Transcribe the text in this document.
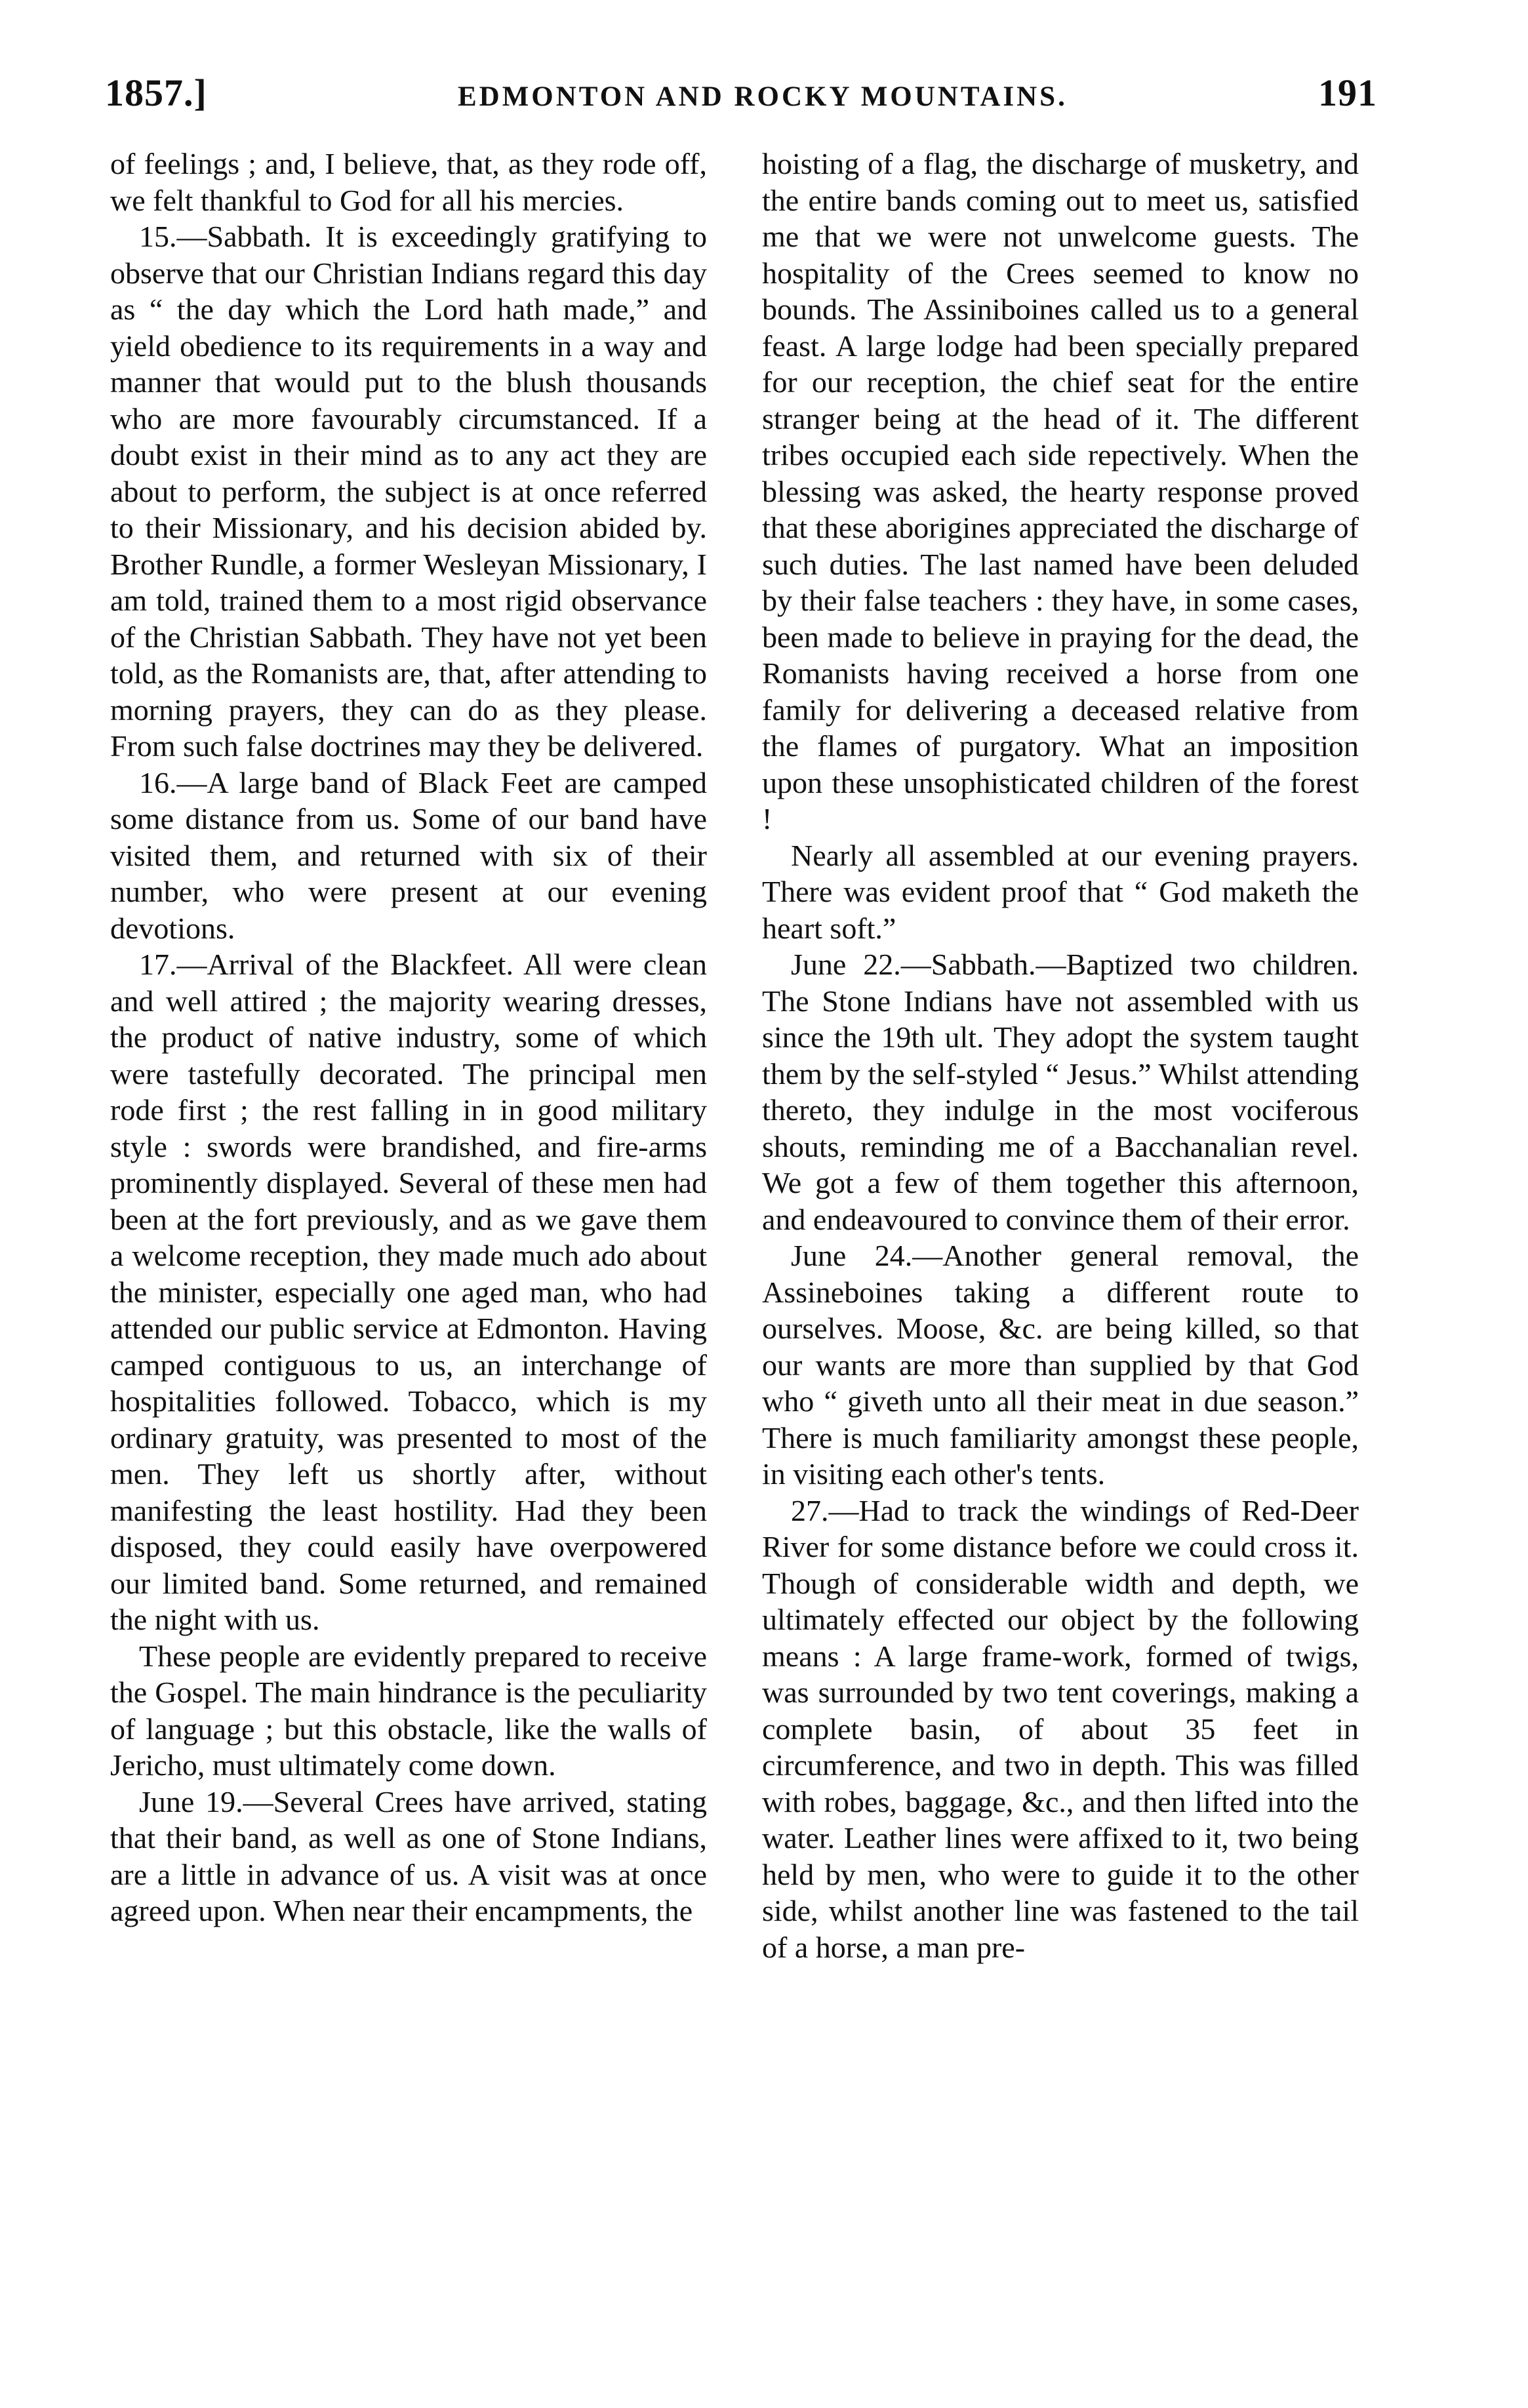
1857.]	EDMONTON AND ROCKY MOUNTAINS.	191

of feelings ; and, I believe, that, as they rode off, we felt thankful to God for all his mercies.

15.—Sabbath. It is exceedingly gratifying to observe that our Christian Indians regard this day as “ the day which the Lord hath made,” and yield obedience to its requirements in a way and manner that would put to the blush thousands who are more favourably circumstanced. If a doubt exist in their mind as to any act they are about to perform, the subject is at once referred to their Missionary, and his decision abided by. Brother Rundle, a former Wesleyan Missionary, I am told, trained them to a most rigid observance of the Christian Sabbath. They have not yet been told, as the Romanists are, that, after attending to morning prayers, they can do as they please. From such false doctrines may they be delivered.

16.—A large band of Black Feet are camped some distance from us. Some of our band have visited them, and returned with six of their number, who were present at our evening devotions.

17.—Arrival of the Blackfeet. All were clean and well attired ; the majority wearing dresses, the product of native industry, some of which were tastefully decorated. The principal men rode first ; the rest falling in in good military style : swords were brandished, and fire-arms prominently displayed. Several of these men had been at the fort previously, and as we gave them a welcome reception, they made much ado about the minister, especially one aged man, who had attended our public service at Edmonton. Having camped contiguous to us, an interchange of hospitalities followed. Tobacco, which is my ordinary gratuity, was presented to most of the men. They left us shortly after, without manifesting the least hostility. Had they been disposed, they could easily have overpowered our limited band. Some returned, and remained the night with us.

These people are evidently prepared to receive the Gospel. The main hindrance is the peculiarity of language ; but this obstacle, like the walls of Jericho, must ultimately come down.

June 19.—Several Crees have arrived, stating that their band, as well as one of Stone Indians, are a little in advance of us. A visit was at once agreed upon. When near their encampments, the

hoisting of a flag, the discharge of musketry, and the entire bands coming out to meet us, satisfied me that we were not unwelcome guests. The hospitality of the Crees seemed to know no bounds. The Assiniboines called us to a general feast. A large lodge had been specially prepared for our reception, the chief seat for the entire stranger being at the head of it. The different tribes occupied each side repectively. When the blessing was asked, the hearty response proved that these aborigines appreciated the discharge of such duties. The last named have been deluded by their false teachers : they have, in some cases, been made to believe in praying for the dead, the Romanists having received a horse from one family for delivering a deceased relative from the flames of purgatory. What an imposition upon these unsophisticated children of the forest !

Nearly all assembled at our evening prayers. There was evident proof that “ God maketh the heart soft.”

June 22.—Sabbath.—Baptized two children. The Stone Indians have not assembled with us since the 19th ult. They adopt the system taught them by the self-styled “ Jesus.” Whilst attending thereto, they indulge in the most vociferous shouts, reminding me of a Bacchanalian revel. We got a few of them together this afternoon, and endeavoured to convince them of their error.

June 24.—Another general removal, the Assineboines taking a different route to ourselves. Moose, &c. are being killed, so that our wants are more than supplied by that God who “ giveth unto all their meat in due season.” There is much familiarity amongst these people, in visiting each other's tents.

27.—Had to track the windings of Red-Deer River for some distance before we could cross it. Though of considerable width and depth, we ultimately effected our object by the following means : A large frame-work, formed of twigs, was surrounded by two tent coverings, making a complete basin, of about 35 feet in circumference, and two in depth. This was filled with robes, baggage, &c., and then lifted into the water. Leather lines were affixed to it, two being held by men, who were to guide it to the other side, whilst another line was fastened to the tail of a horse, a man pre-
